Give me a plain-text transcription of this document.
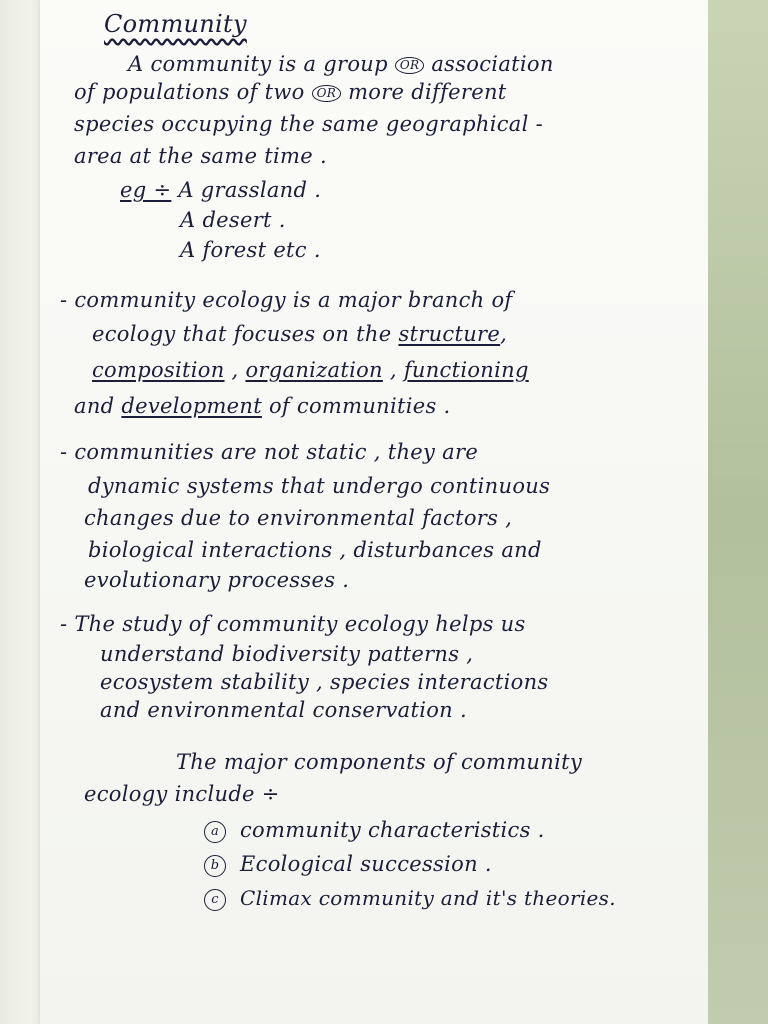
Community
A community is a group OR association
of populations of two OR more different
species occupying the same geographical -
area at the same time .
eg ÷ A grassland .
A desert .
A forest etc .
- community ecology is a major branch of
ecology that focuses on the structure,
composition , organization , functioning
and development of communities .
- communities are not static , they are
dynamic systems that undergo continuous
changes due to environmental factors ,
biological interactions , disturbances and
evolutionary processes .
- The study of community ecology helps us
understand biodiversity patterns ,
ecosystem stability , species interactions
and environmental conservation .
The major components of community
ecology include ÷
a community characteristics .
b Ecological succession .
c Climax community and it's theories.
